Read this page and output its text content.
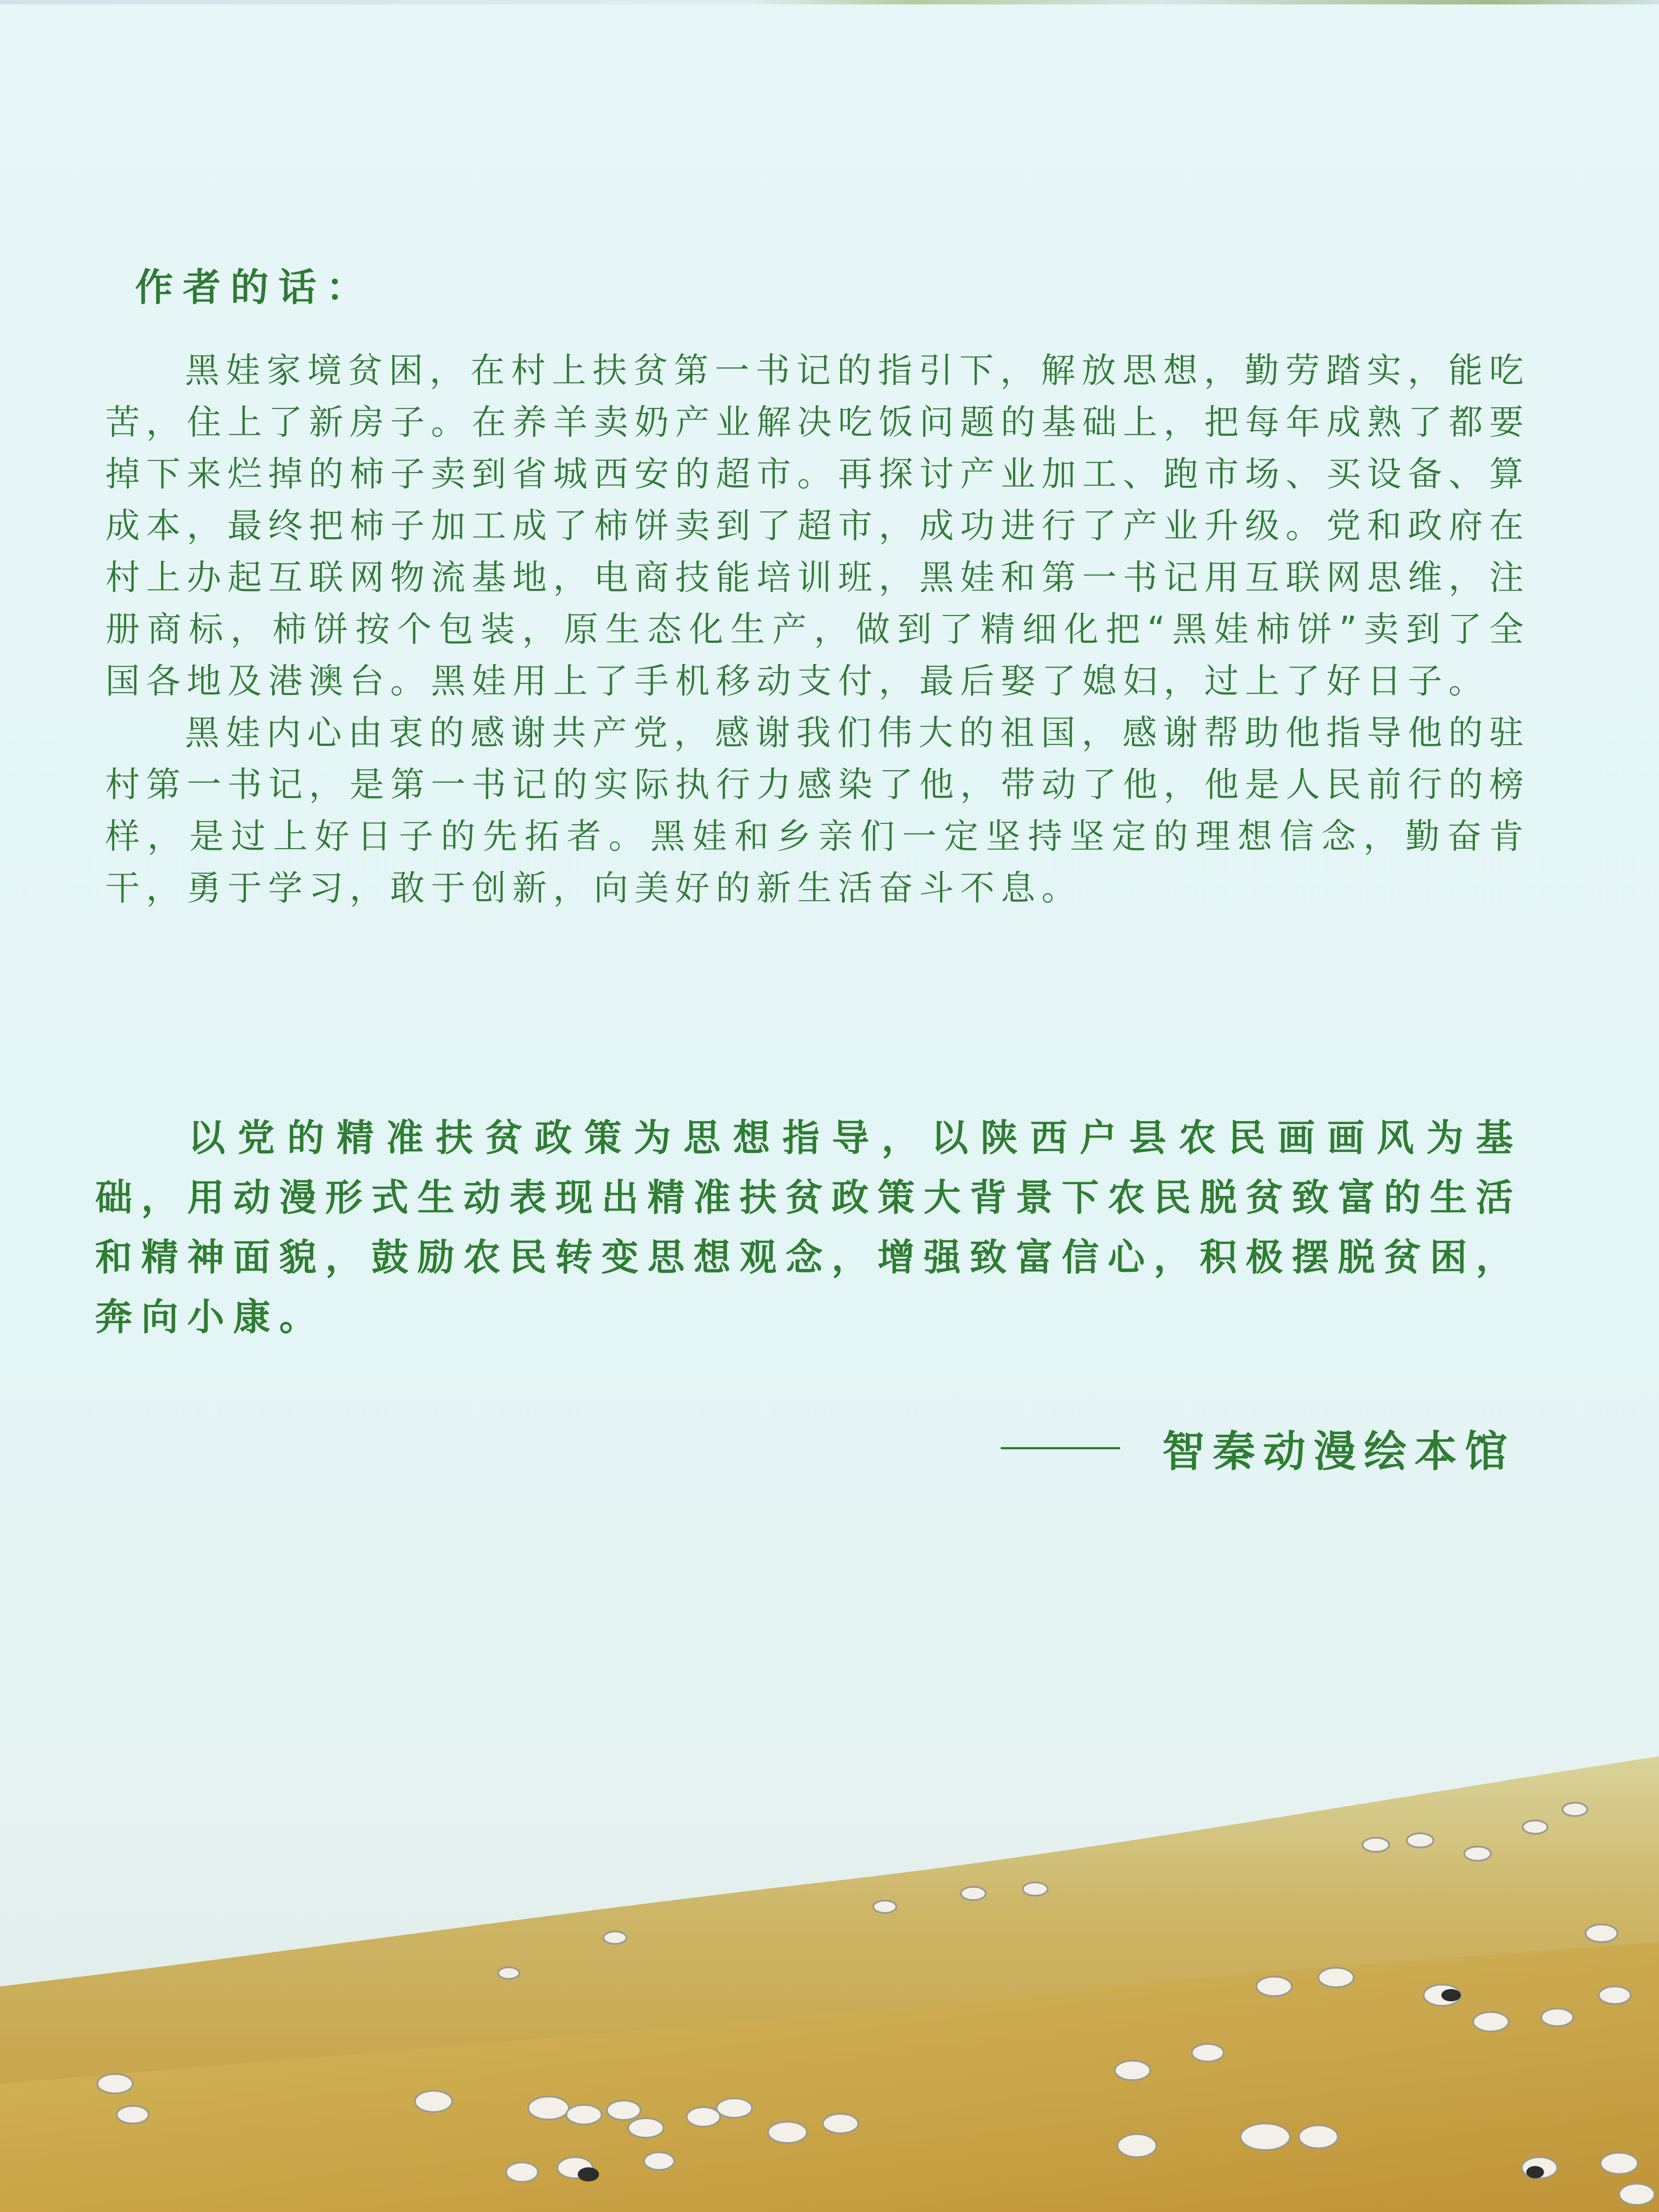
作者的话：

黑娃家境贫困，在村上扶贫第一书记的指引下，解放思想，勤劳踏实，能吃苦，住上了新房子。在养羊卖奶产业解决吃饭问题的基础上，把每年成熟了都要掉下来烂掉的柿子卖到省城西安的超市。再探讨产业加工、跑市场、买设备、算成本，最终把柿子加工成了柿饼卖到了超市，成功进行了产业升级。党和政府在村上办起互联网物流基地，电商技能培训班，黑娃和第一书记用互联网思维，注册商标，柿饼按个包装，原生态化生产，做到了精细化把“黑娃柿饼”卖到了全国各地及港澳台。黑娃用上了手机移动支付，最后娶了媳妇，过上了好日子。

黑娃内心由衷的感谢共产党，感谢我们伟大的祖国，感谢帮助他指导他的驻村第一书记，是第一书记的实际执行力感染了他，带动了他，他是人民前行的榜样，是过上好日子的先拓者。黑娃和乡亲们一定坚持坚定的理想信念，勤奋肯干，勇于学习，敢于创新，向美好的新生活奋斗不息。

以党的精准扶贫政策为思想指导，以陕西户县农民画画风为基础，用动漫形式生动表现出精准扶贫政策大背景下农民脱贫致富的生活和精神面貌，鼓励农民转变思想观念，增强致富信心，积极摆脱贫困，奔向小康。

智秦动漫绘本馆
